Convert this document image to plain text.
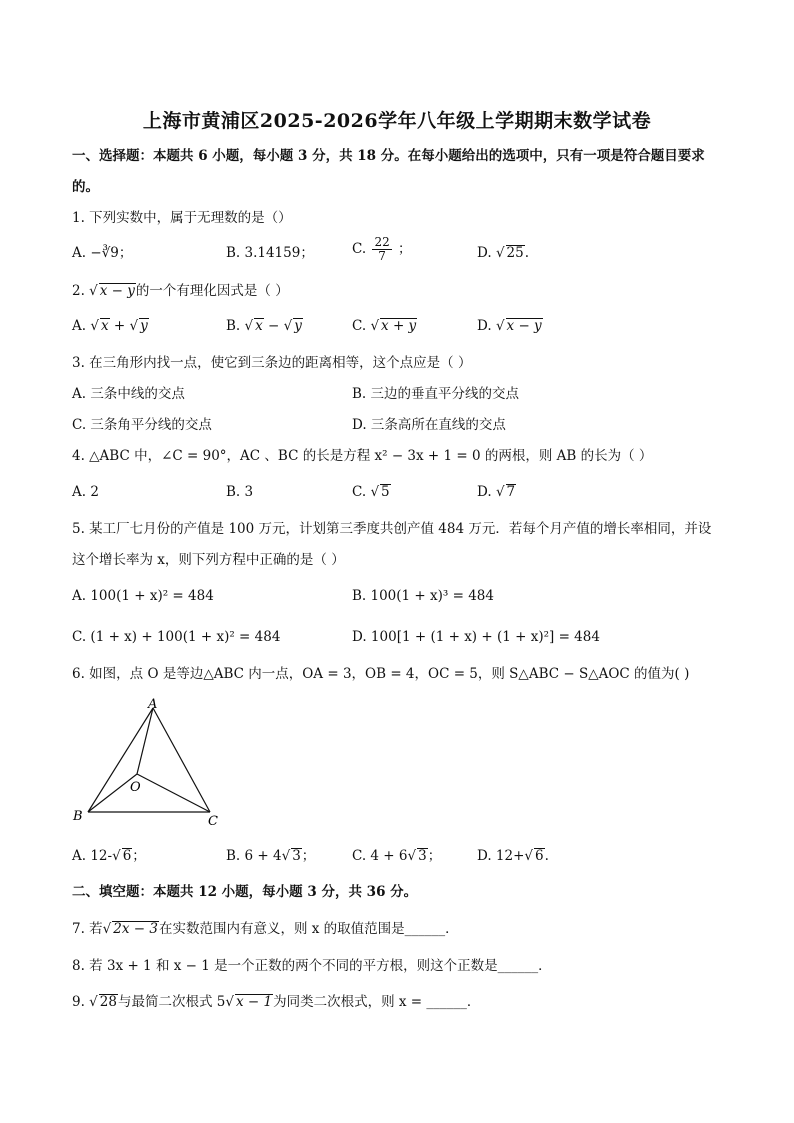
上海市黄浦区2025-2026学年八年级上学期期末数学试卷
一、选择题：本题共 6 小题，每小题 3 分，共 18 分。在每小题给出的选项中，只有一项是符合题目要求
的。
1. 下列实数中，属于无理数的是（）
A. −∛9；	B. 3.14159；	C. $\frac{22}{7}$ ；	D. √ 25.
2. √ x − y的一个有理化因式是（ ）
A. √ x + √ y	B. √ x − √ y	C. √ x + y	D. √ x − y
3. 在三角形内找一点，使它到三条边的距离相等，这个点应是（ ）
A. 三条中线的交点	B. 三边的垂直平分线的交点
C. 三条角平分线的交点	D. 三条高所在直线的交点
4. △ABC 中，∠C = 90°，AC 、BC 的长是方程 x² − 3x + 1 = 0 的两根，则 AB 的长为（ ）
A. 2	B. 3	C. √ 5	D. √ 7
5. 某工厂七月份的产值是 100 万元，计划第三季度共创产值 484 万元．若每个月产值的增长率相同，并设
这个增长率为 x，则下列方程中正确的是（ ）
A. 100(1 + x)² = 484	B. 100(1 + x)³ = 484
C. (1 + x) + 100(1 + x)² = 484	D. 100[1 + (1 + x) + (1 + x)²] = 484
6. 如图，点 O 是等边△ABC 内一点，OA = 3，OB = 4，OC = 5，则 S△ABC − S△AOC 的值为( )
A
B	C
O
A. 12-√ 6；	B. 6 + 4√ 3；	C. 4 + 6√ 3；	D. 12+√ 6.
二、填空题：本题共 12 小题，每小题 3 分，共 36 分。
7. 若√ 2x − 3在实数范围内有意义，则 x 的取值范围是______．
8. 若 3x + 1 和 x − 1 是一个正数的两个不同的平方根，则这个正数是______．
9. √ 28与最简二次根式 5√ x − 1为同类二次根式，则 x = ______．
